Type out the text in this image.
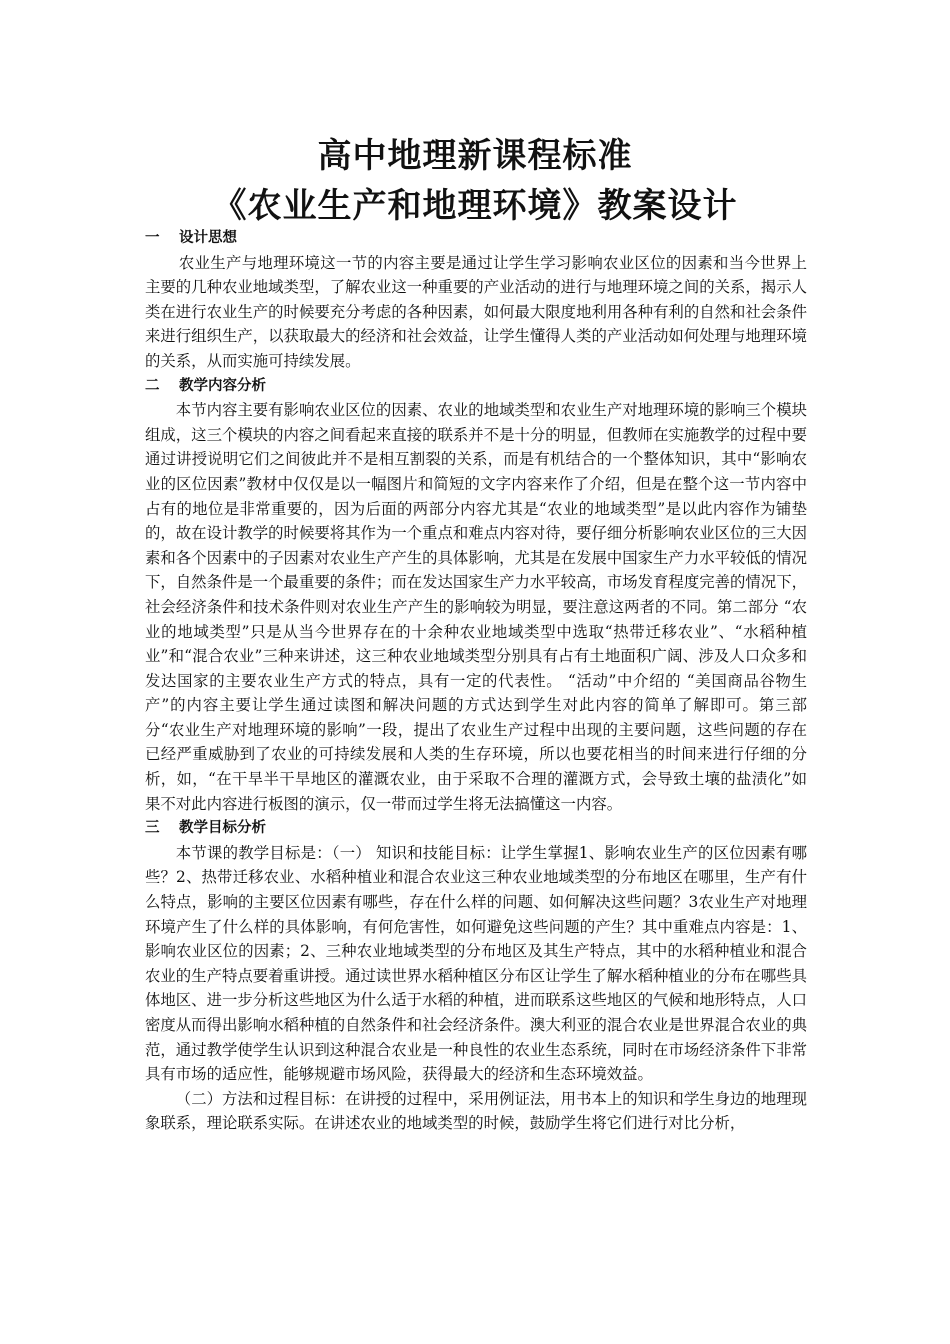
高中地理新课程标准
《农业生产和地理环境》教案设计

一 设计思想

农业生产与地理环境这一节的内容主要是通过让学生学习影响农业区位的因素和当今世界上主要的几种农业地域类型，了解农业这一种重要的产业活动的进行与地理环境之间的关系，揭示人类在进行农业生产的时候要充分考虑的各种因素，如何最大限度地利用各种有利的自然和社会条件来进行组织生产，以获取最大的经济和社会效益，让学生懂得人类的产业活动如何处理与地理环境的关系，从而实施可持续发展。

二 教学内容分析

本节内容主要有影响农业区位的因素、农业的地域类型和农业生产对地理环境的影响三个模块组成，这三个模块的内容之间看起来直接的联系并不是十分的明显，但教师在实施教学的过程中要通过讲授说明它们之间彼此并不是相互割裂的关系，而是有机结合的一个整体知识，其中“影响农业的区位因素”教材中仅仅是以一幅图片和简短的文字内容来作了介绍，但是在整个这一节内容中占有的地位是非常重要的，因为后面的两部分内容尤其是“农业的地域类型”是以此内容作为铺垫的，故在设计教学的时候要将其作为一个重点和难点内容对待，要仔细分析影响农业区位的三大因素和各个因素中的子因素对农业生产产生的具体影响，尤其是在发展中国家生产力水平较低的情况下，自然条件是一个最重要的条件；而在发达国家生产力水平较高，市场发育程度完善的情况下，社会经济条件和技术条件则对农业生产产生的影响较为明显，要注意这两者的不同。第二部分 “农业的地域类型”只是从当今世界存在的十余种农业地域类型中选取“热带迁移农业”、“水稻种植业”和“混合农业”三种来讲述，这三种农业地域类型分别具有占有土地面积广阔、涉及人口众多和发达国家的主要农业生产方式的特点，具有一定的代表性。 “活动”中介绍的 “美国商品谷物生产”的内容主要让学生通过读图和解决问题的方式达到学生对此内容的简单了解即可。第三部分“农业生产对地理环境的影响”一段，提出了农业生产过程中出现的主要问题，这些问题的存在已经严重威胁到了农业的可持续发展和人类的生存环境，所以也要花相当的时间来进行仔细的分析，如，“在干旱半干旱地区的灌溉农业，由于采取不合理的灌溉方式，会导致土壤的盐渍化”如果不对此内容进行板图的演示，仅一带而过学生将无法搞懂这一内容。

三 教学目标分析

本节课的教学目标是：（一） 知识和技能目标：让学生掌握1、影响农业生产的区位因素有哪些？2、热带迁移农业、水稻种植业和混合农业这三种农业地域类型的分布地区在哪里，生产有什么特点，影响的主要区位因素有哪些，存在什么样的问题、如何解决这些问题？3农业生产对地理环境产生了什么样的具体影响，有何危害性，如何避免这些问题的产生？其中重难点内容是：1、影响农业区位的因素；2、三种农业地域类型的分布地区及其生产特点，其中的水稻种植业和混合农业的生产特点要着重讲授。通过读世界水稻种植区分布区让学生了解水稻种植业的分布在哪些具体地区、进一步分析这些地区为什么适于水稻的种植，进而联系这些地区的气候和地形特点，人口密度从而得出影响水稻种植的自然条件和社会经济条件。澳大利亚的混合农业是世界混合农业的典范，通过教学使学生认识到这种混合农业是一种良性的农业生态系统，同时在市场经济条件下非常具有市场的适应性，能够规避市场风险，获得最大的经济和生态环境效益。

（二）方法和过程目标：在讲授的过程中，采用例证法，用书本上的知识和学生身边的地理现象联系，理论联系实际。在讲述农业的地域类型的时候，鼓励学生将它们进行对比分析，
